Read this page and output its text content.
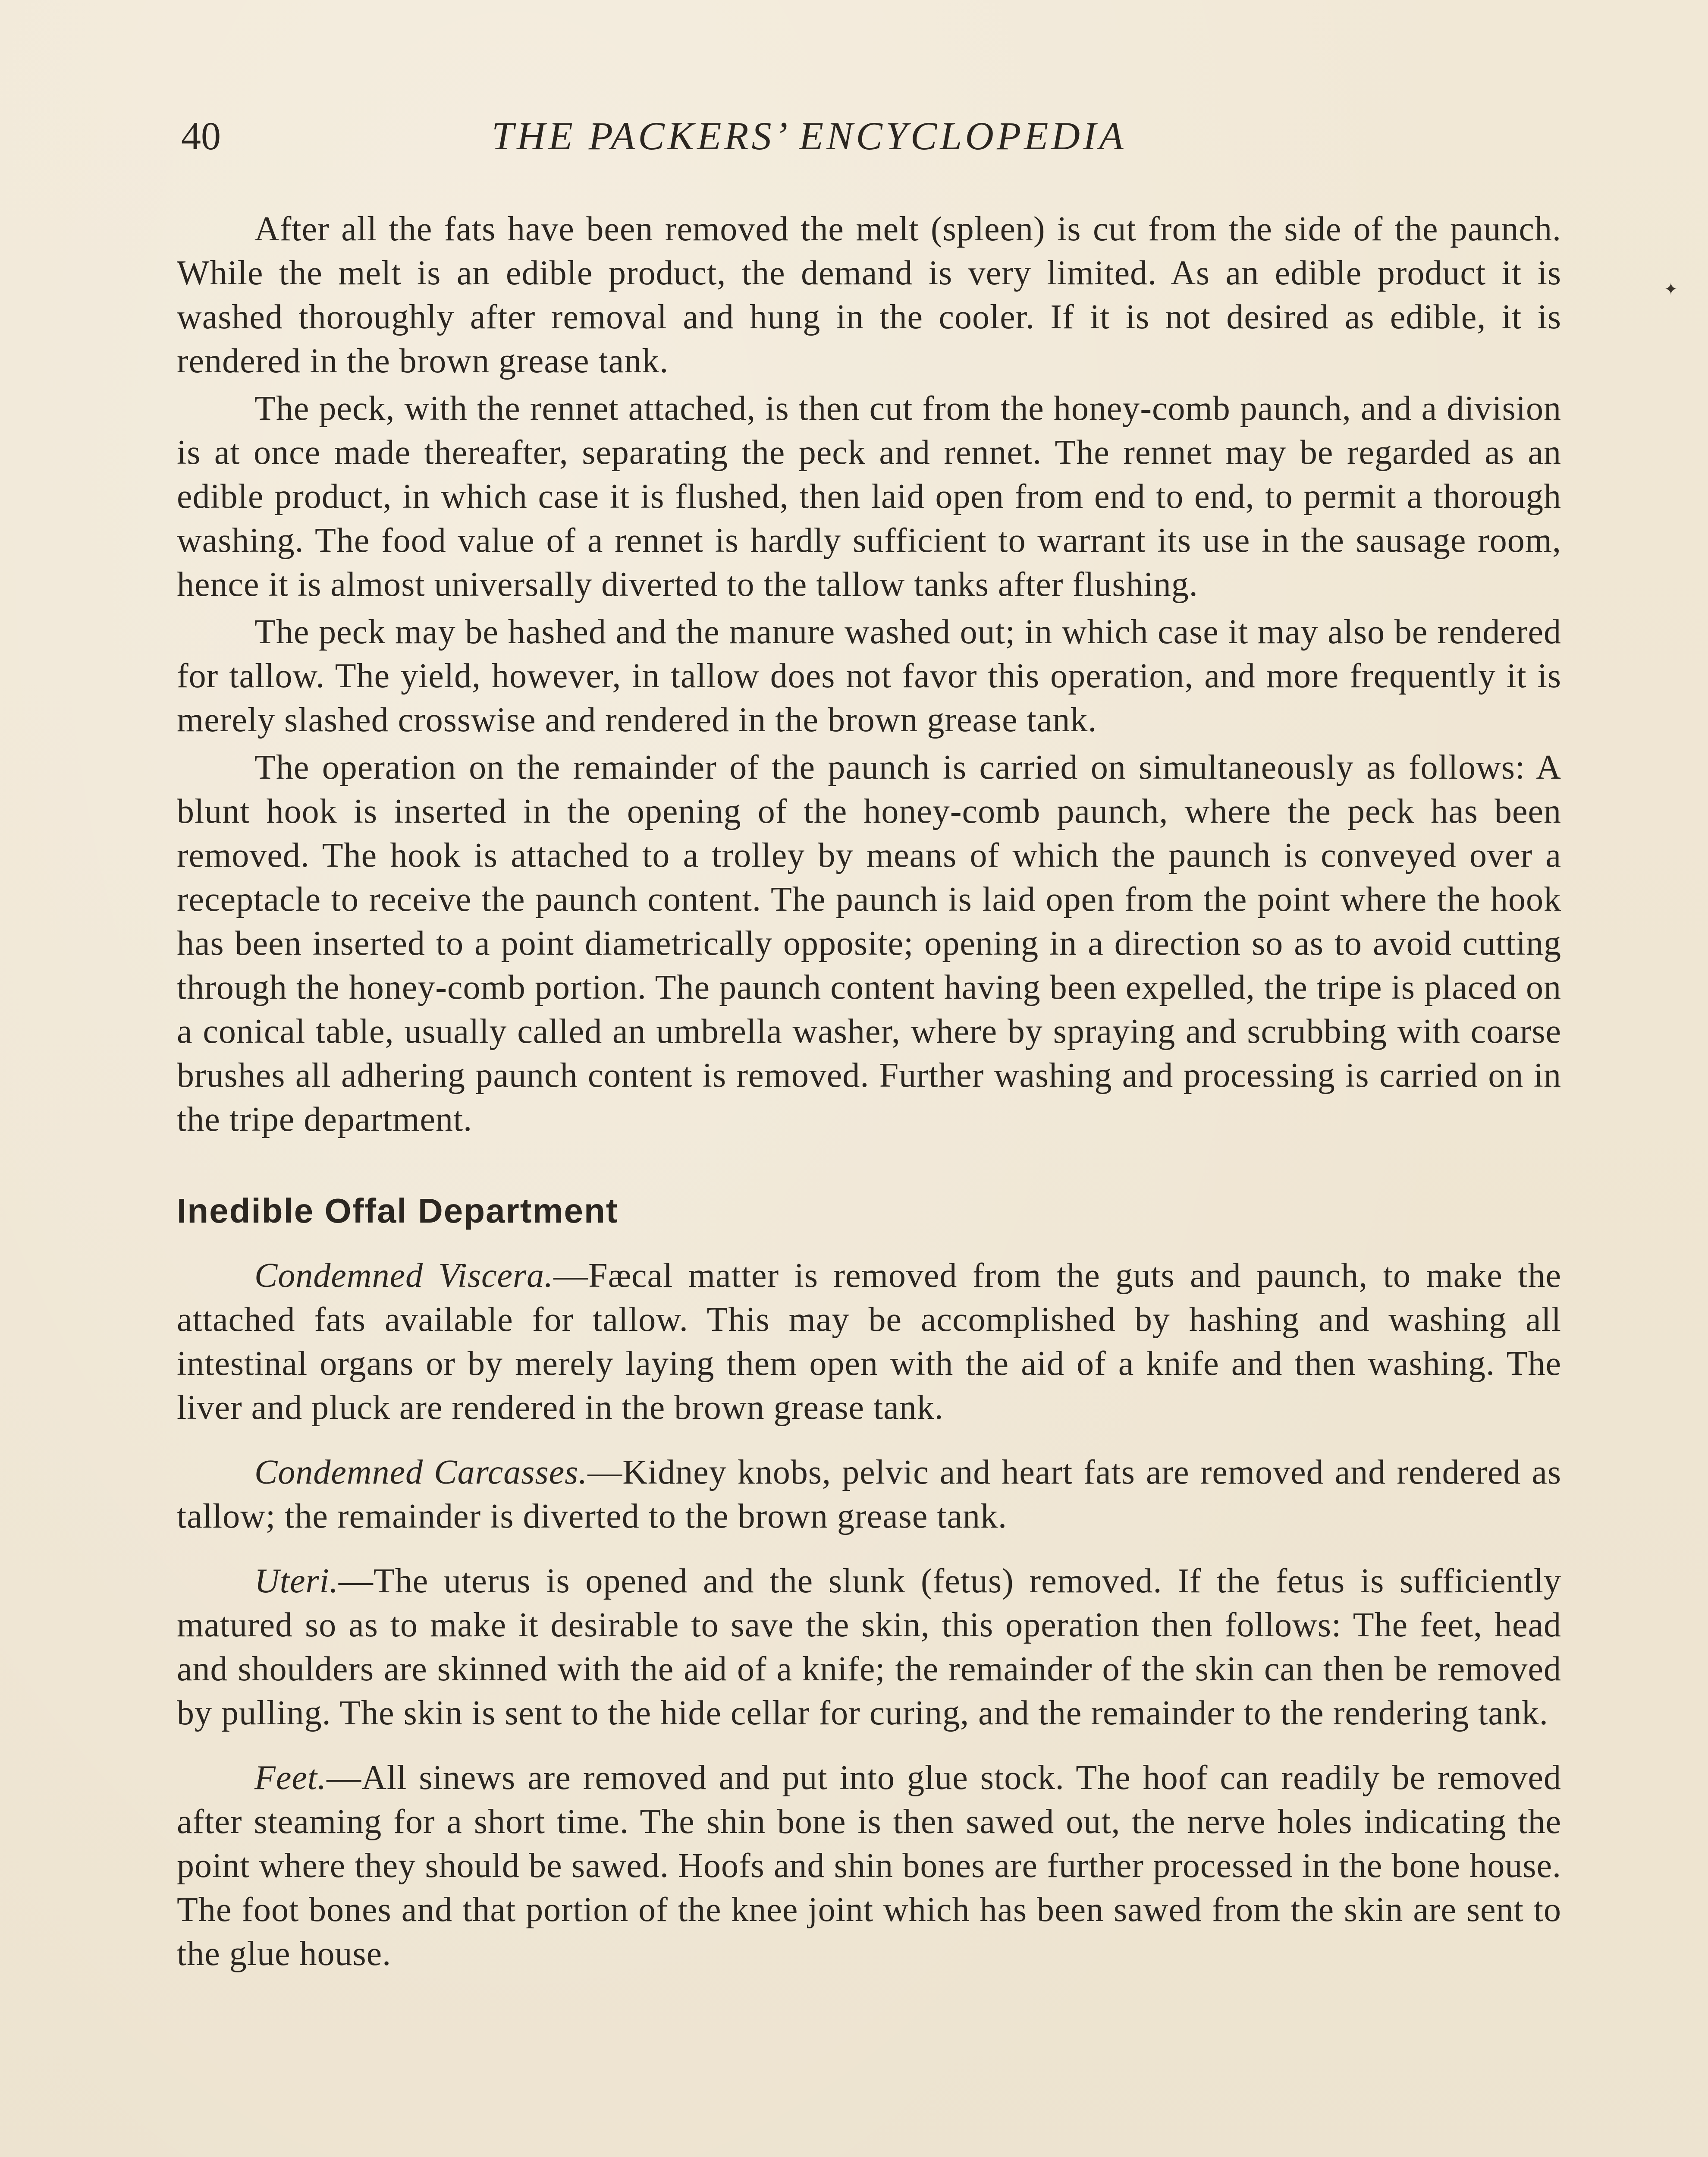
40	THE PACKERS’ ENCYCLOPEDIA
✦

After all the fats have been removed the melt (spleen) is cut from the side of the paunch. While the melt is an edible product, the demand is very limited. As an edible product it is washed thoroughly after removal and hung in the cooler. If it is not desired as edible, it is rendered in the brown grease tank.

The peck, with the rennet attached, is then cut from the honey-comb paunch, and a division is at once made thereafter, separating the peck and rennet. The rennet may be regarded as an edible product, in which case it is flushed, then laid open from end to end, to permit a thorough washing. The food value of a rennet is hardly sufficient to warrant its use in the sausage room, hence it is almost universally diverted to the tallow tanks after flushing.

The peck may be hashed and the manure washed out; in which case it may also be rendered for tallow. The yield, however, in tallow does not favor this operation, and more frequently it is merely slashed crosswise and rendered in the brown grease tank.

The operation on the remainder of the paunch is carried on simultaneously as follows: A blunt hook is inserted in the opening of the honey-comb paunch, where the peck has been removed. The hook is attached to a trolley by means of which the paunch is conveyed over a receptacle to receive the paunch content. The paunch is laid open from the point where the hook has been inserted to a point diametrically opposite; opening in a direction so as to avoid cutting through the honey-comb portion. The paunch content having been expelled, the tripe is placed on a conical table, usually called an umbrella washer, where by spraying and scrubbing with coarse brushes all adhering paunch content is removed. Further washing and processing is carried on in the tripe department.

Inedible Offal Department

Condemned Viscera.—Fæcal matter is removed from the guts and paunch, to make the attached fats available for tallow. This may be accomplished by hashing and washing all intestinal organs or by merely laying them open with the aid of a knife and then washing. The liver and pluck are rendered in the brown grease tank.

Condemned Carcasses.—Kidney knobs, pelvic and heart fats are removed and rendered as tallow; the remainder is diverted to the brown grease tank.

Uteri.—The uterus is opened and the slunk (fetus) removed. If the fetus is sufficiently matured so as to make it desirable to save the skin, this operation then follows: The feet, head and shoulders are skinned with the aid of a knife; the remainder of the skin can then be removed by pulling. The skin is sent to the hide cellar for curing, and the remainder to the rendering tank.

Feet.—All sinews are removed and put into glue stock. The hoof can readily be removed after steaming for a short time. The shin bone is then sawed out, the nerve holes indicating the point where they should be sawed. Hoofs and shin bones are further processed in the bone house. The foot bones and that portion of the knee joint which has been sawed from the skin are sent to the glue house.
